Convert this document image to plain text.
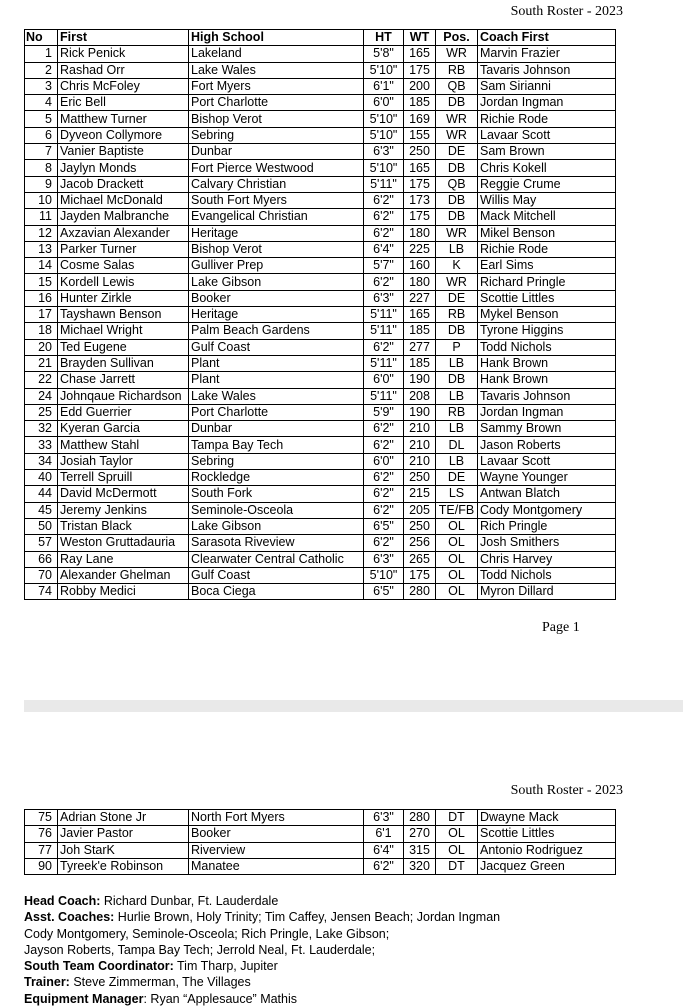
South Roster - 2023
No	First	High School	HT	WT	Pos.	Coach First
1	Rick Penick	Lakeland	5'8"	165	WR	Marvin Frazier
2	Rashad Orr	Lake Wales	5'10"	175	RB	Tavaris Johnson
3	Chris McFoley	Fort Myers	6'1"	200	QB	Sam Sirianni
4	Eric Bell	Port Charlotte	6'0"	185	DB	Jordan Ingman
5	Matthew Turner	Bishop Verot	5'10"	169	WR	Richie Rode
6	Dyveon Collymore	Sebring	5'10"	155	WR	Lavaar Scott
7	Vanier Baptiste	Dunbar	6'3"	250	DE	Sam Brown
8	Jaylyn Monds	Fort Pierce Westwood	5'10"	165	DB	Chris Kokell
9	Jacob Drackett	Calvary Christian	5'11"	175	QB	Reggie Crume
10	Michael McDonald	South Fort Myers	6'2"	173	DB	Willis May
11	Jayden Malbranche	Evangelical Christian	6'2"	175	DB	Mack Mitchell
12	Axzavian Alexander	Heritage	6'2"	180	WR	Mikel Benson
13	Parker Turner	Bishop Verot	6'4"	225	LB	Richie Rode
14	Cosme Salas	Gulliver Prep	5'7"	160	K	Earl Sims
15	Kordell Lewis	Lake Gibson	6'2"	180	WR	Richard Pringle
16	Hunter Zirkle	Booker	6'3"	227	DE	Scottie Littles
17	Tayshawn Benson	Heritage	5'11"	165	RB	Mykel Benson
18	Michael Wright	Palm Beach Gardens	5'11"	185	DB	Tyrone Higgins
20	Ted Eugene	Gulf Coast	6'2"	277	P	Todd Nichols
21	Brayden Sullivan	Plant	5'11"	185	LB	Hank Brown
22	Chase Jarrett	Plant	6'0"	190	DB	Hank Brown
24	Johnqaue Richardson	Lake Wales	5'11"	208	LB	Tavaris Johnson
25	Edd Guerrier	Port Charlotte	5'9"	190	RB	Jordan Ingman
32	Kyeran Garcia	Dunbar	6'2"	210	LB	Sammy Brown
33	Matthew Stahl	Tampa Bay Tech	6'2"	210	DL	Jason Roberts
34	Josiah Taylor	Sebring	6'0"	210	LB	Lavaar Scott
40	Terrell Spruill	Rockledge	6'2"	250	DE	Wayne Younger
44	David McDermott	South Fork	6'2"	215	LS	Antwan Blatch
45	Jeremy Jenkins	Seminole-Osceola	6'2"	205	TE/FB	Cody Montgomery
50	Tristan Black	Lake Gibson	6'5"	250	OL	Rich Pringle
57	Weston Gruttadauria	Sarasota Riveview	6'2"	256	OL	Josh Smithers
66	Ray Lane	Clearwater Central Catholic	6'3"	265	OL	Chris Harvey
70	Alexander Ghelman	Gulf Coast	5'10"	175	OL	Todd Nichols
74	Robby Medici	Boca Ciega	6'5"	280	OL	Myron Dillard
Page 1
South Roster - 2023
75	Adrian Stone Jr	North Fort Myers	6'3"	280	DT	Dwayne Mack
76	Javier Pastor	Booker	6'1	270	OL	Scottie Littles
77	Joh StarK	Riverview	6'4"	315	OL	Antonio Rodriguez
90	Tyreek'e Robinson	Manatee	6'2"	320	DT	Jacquez Green
Head Coach: Richard Dunbar, Ft. Lauderdale
Asst. Coaches: Hurlie Brown, Holy Trinity; Tim Caffey, Jensen Beach; Jordan Ingman
Cody Montgomery, Seminole-Osceola; Rich Pringle, Lake Gibson;
Jayson Roberts, Tampa Bay Tech; Jerrold Neal, Ft. Lauderdale;
South Team Coordinator: Tim Tharp, Jupiter
Trainer: Steve Zimmerman, The Villages
Equipment Manager: Ryan “Applesauce” Mathis
